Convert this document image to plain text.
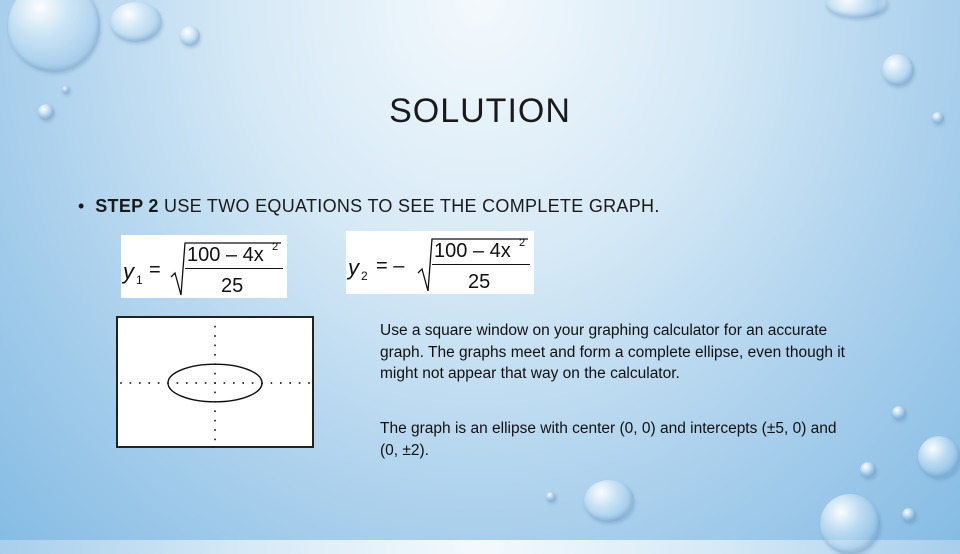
SOLUTION
•  STEP 2 USE TWO EQUATIONS TO SEE THE COMPLETE GRAPH.
y 1 =
100 – 4x 2
25
y 2 = –
100 – 4x 2
25
Use a square window on your graphing calculator for an accurate graph. The graphs meet and form a complete ellipse, even though it might not appear that way on the calculator.
The graph is an ellipse with center (0, 0) and intercepts (±5, 0) and (0, ±2).
